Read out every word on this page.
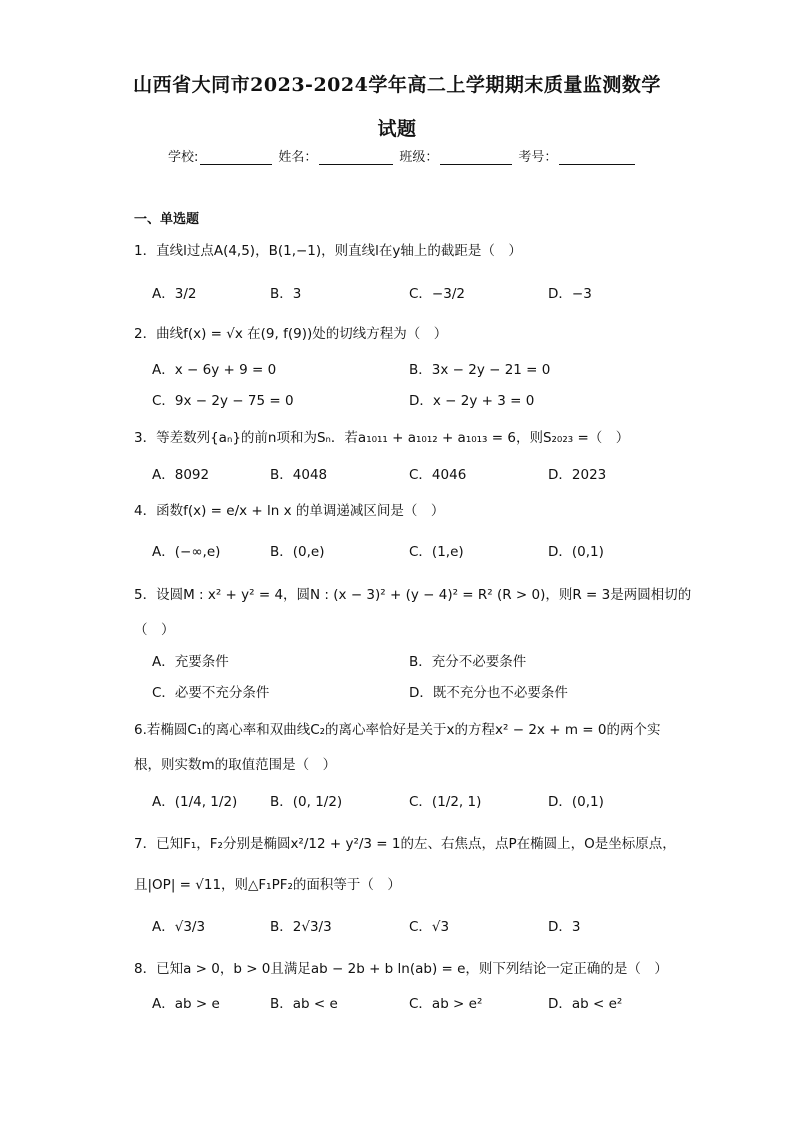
山西省大同市2023-2024学年高二上学期期末质量监测数学
试题
学校:	姓名：	班级：	考号：
一、单选题
1．直线l过点A(4,5)，B(1,−1)，则直线l在y轴上的截距是（　）
A．3/2	B．3	C．−3/2	D．−3
2．曲线f(x) = √x 在(9, f(9))处的切线方程为（　）
A．x − 6y + 9 = 0	B．3x − 2y − 21 = 0
C．9x − 2y − 75 = 0	D．x − 2y + 3 = 0
3．等差数列{aₙ}的前n项和为Sₙ．若a₁₀₁₁ + a₁₀₁₂ + a₁₀₁₃ = 6，则S₂₀₂₃ =（　）
A．8092	B．4048	C．4046	D．2023
4．函数f(x) = e/x + ln x 的单调递减区间是（　）
A．(−∞,e)	B．(0,e)	C．(1,e)	D．(0,1)
5．设圆M : x² + y² = 4，圆N : (x − 3)² + (y − 4)² = R² (R > 0)，则R = 3是两圆相切的
（　）
A．充要条件	B．充分不必要条件
C．必要不充分条件	D．既不充分也不必要条件
6.若椭圆C₁的离心率和双曲线C₂的离心率恰好是关于x的方程x² − 2x + m = 0的两个实
根，则实数m的取值范围是（　）
A．(1/4, 1/2) B．(0, 1/2)	C．(1/2, 1)	D．(0,1)
7．已知F₁，F₂分别是椭圆x²/12 + y²/3 = 1的左、右焦点，点P在椭圆上，O是坐标原点，
且|OP| = √11，则△F₁PF₂的面积等于（　）
A．√3/3	B．2√3/3	C．√3	D．3
8．已知a > 0，b > 0且满足ab − 2b + b ln(ab) = e，则下列结论一定正确的是（　）
A．ab > e	B．ab < e	C．ab > e²	D．ab < e²
